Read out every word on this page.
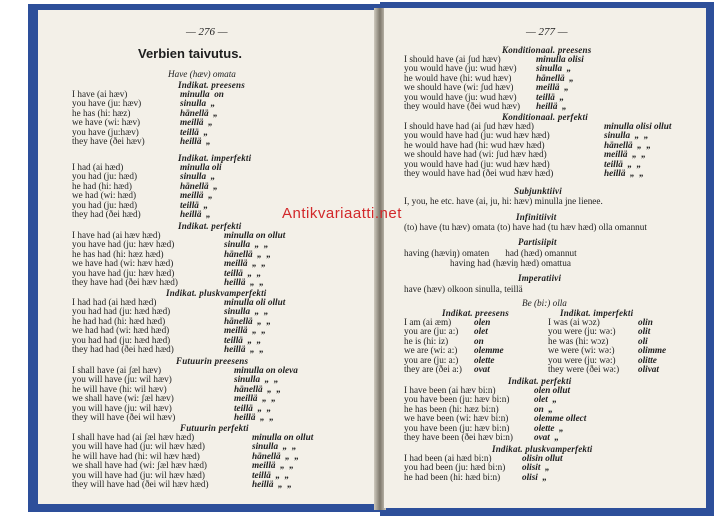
— 276 —
Verbien taivutus.
Have (hæv) omata
Indikat. preesens
I have (ai hæv)	minulla  on
you have (ju: hæv)	sinulla  „
he has (hi: hæz)	hänellä  „
we have (wi: hæv)	meillä  „
you have (ju:hæv)	teillä  „
they have (ðei hæv)	heillä  „
Indikat. imperfekti
I had (ai hæd)	minulla oli
you had (ju: hæd)	sinulla  „
he had (hi: hæd)	hänellä  „
we had (wi: hæd)	meillä  „
you had (ju: hæd)	teillä  „
they had (ðei hæd)	heillä  „
Indikat. perfekti
I have had (ai hæv hæd)	minulla on ollut
you have had (ju: hæv hæd)	sinulla  „  „
he has had (hi: hæz hæd)	hänellä  „  „
we have had (wi: hæv hæd)	meillä  „  „
you have had (ju: hæv hæd)	teillä  „  „
they have had (ðei hæv hæd)	heillä  „  „
Indikat. pluskvamperfekti
I had had (ai hæd hæd)	minulla oli ollut
you had had (ju: hæd hæd)	sinulla  „  „
he had had (hi: hæd hæd)	hänellä  „  „
we had had (wi: hæd hæd)	meillä  „  „
you had had (ju: hæd hæd)	teillä  „  „
they had had (ðei hæd hæd)	heillä  „  „
Futuurin preesens
I shall have (ai ʃæl hæv)	minulla on oleva
you will have (ju: wil hæv)	sinulla  „  „
he will have (hi: wil hæv)	hänellä  „  „
we shall have (wi: ʃæl hæv)	meillä  „  „
you will have (ju: wil hæv)	teillä  „  „
they will have (ðei wil hæv)	heillä  „  „
Futuurin perfekti
I shall have had (ai ʃæl hæv hæd)	minulla on ollut
you will have had (ju: wil hæv hæd)	sinulla  „  „
he will have had (hi: wil hæv hæd)	hänellä  „  „
we shall have had (wi: ʃæl hæv hæd)	meillä  „  „
you will have had (ju: wil hæv hæd)	teillä  „  „
they will have had (ðei wil hæv hæd)	heillä  „  „
— 277 —
Konditionaal. preesens
I should have (ai ʃud hæv)	minulla olisi
you would have (ju: wud hæv) sinulla  „
he would have (hi: wud hæv)	hänellä  „
we should have (wi: ʃud hæv) meillä  „
you would have (ju: wud hæv) teillä  „
they would have (ðei wud hæv) heillä  „
Konditionaal. perfekti
I should have had (ai ʃud hæv hæd)	minulla olisi ollut
you would have had (ju: wud hæv hæd)	sinulla  „  „
he would have had (hi: wud hæv hæd)	hänellä  „  „
we should have had (wi: ʃud hæv hæd)	meillä  „  „
you would have had (ju: wud hæv hæd)	teillä  „  „
they would have had (ðei wud hæv hæd)	heillä  „  „
Subjunktiivi
I, you, he etc. have (ai, ju, hi: hæv) minulla jne lienee.
Infinitiivit
(to) have (tu hæv) omata (to) have had (tu hæv hæd) olla omannut
Partisiipit
having (hæviŋ) omaten       had (hæd) omannut
having had (hæviŋ hæd) omattua
Imperatiivi
have (hæv) olkoon sinulla, teillä
Be (bi:) olla
Indikat. preesens
I am (ai æm) olen
you are (ju: a:) olet
he is (hi: iz)	on
we are (wi: a:) olemme
you are (ju: a:) olette
they are (ðei a:) ovat
Indikat. imperfekti
I was (ai wɔz)	olin
you were (ju: wə:) olit
he was (hi: wɔz)	oli
we were (wi: wə:)	olimme
you were (ju: wə:) olitte
they were (ðei wə:) olivat
Indikat. perfekti
I have been (ai hæv bi:n)	olen ollut
you have been (ju: hæv bi:n)	olet  „
he has been (hi: hæz bi:n)	on  „
we have been (wi: hæv bi:n)	olemme ollect
you have been (ju: hæv bi:n)	olette  „
they have been (ðei hæv bi:n) ovat  „
Indikat. pluskvamperfekti
I had been (ai hæd bi:n)	olisin ollut
you had been (ju: hæd bi:n) olisit  „
he had been (hi: hæd bi:n) olisi  „
Antikvariaatti.net
